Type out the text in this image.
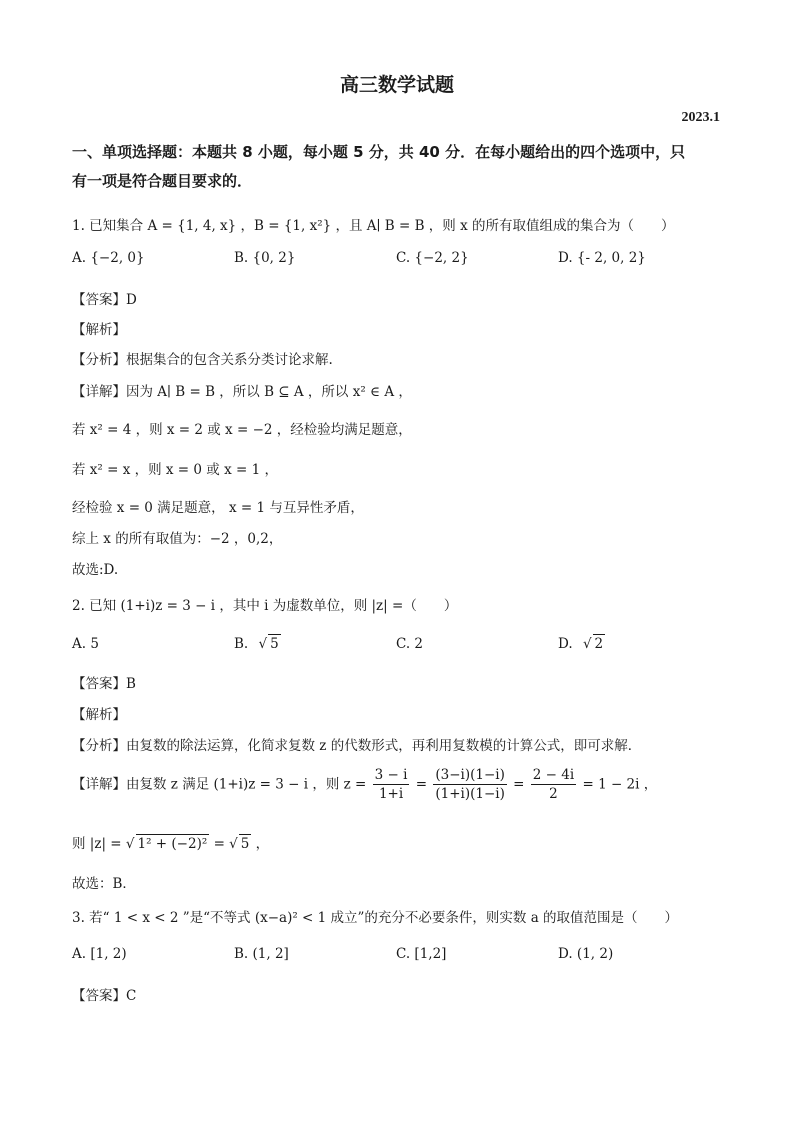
高三数学试题
2023.1
一、单项选择题：本题共 8 小题，每小题 5 分，共 40 分．在每小题给出的四个选项中，只
有一项是符合题目要求的．
1. 已知集合 A = {1, 4, x} ，B = {1, x²} ，且 A∣ B = B ，则 x 的所有取值组成的集合为（　　）
A. {−2, 0}	B. {0, 2}	C. {−2, 2}	D. {- 2, 0, 2}
【答案】D
【解析】
【分析】根据集合的包含关系分类讨论求解.
【详解】因为 A∣ B = B ，所以 B ⊆ A ，所以 x² ∈ A ，
若 x² = 4 ，则 x = 2 或 x = −2 ，经检验均满足题意，
若 x² = x ，则 x = 0 或 x = 1 ，
经检验 x = 0 满足题意， x = 1 与互异性矛盾，
综上 x 的所有取值为：−2 ，0,2，
故选:D.
2. 已知 (1+i)z = 3 − i ，其中 i 为虚数单位，则 |z| =（　　）
A. 5	B. √ 5	C. 2	D. √ 2
【答案】B
【解析】
【分析】由复数的除法运算，化简求复数 z 的代数形式，再利用复数模的计算公式，即可求解．
【详解】由复数 z 满足 (1+i)z = 3 − i ，则 $z = \frac{3 - i}{1+i} = \frac{(3-i)(1-i)}{(1+i)(1-i)} = \frac{2 - 4i}{2} = 1 - 2i$ ，
则 |z| = √ 1² + (−2)² = √ 5 ，
故选：B．
3. 若“ 1 < x < 2 ”是“不等式 (x−a)² < 1 成立”的充分不必要条件，则实数 a 的取值范围是（　　）
A. [1, 2)	B. (1, 2]	C. [1,2]	D. (1, 2)
【答案】C
